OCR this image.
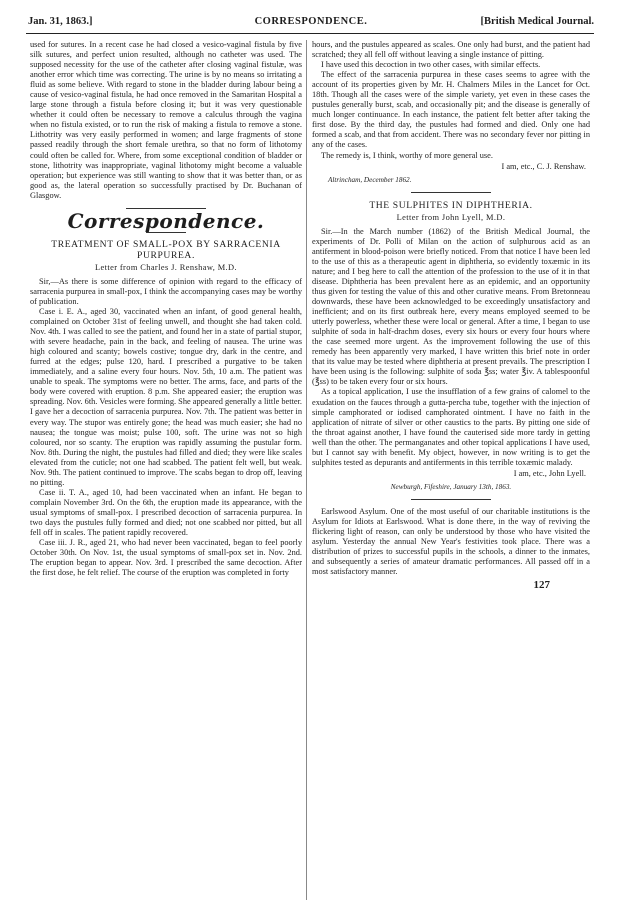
Jan. 31, 1863.]	CORRESPONDENCE.	[British Medical Journal.

used for sutures. In a recent case he had closed a vesico-vaginal fistula by five silk sutures, and perfect union resulted, although no catheter was used. The supposed necessity for the use of the catheter after closing vaginal fistulæ, was another error which time was correcting. The urine is by no means so irritating a fluid as some believe. With regard to stone in the bladder during labour being a cause of vesico-vaginal fistula, he had once removed in the Samaritan Hospital a large stone through a fistula before closing it; but it was very questionable whether it could often be necessary to remove a calculus through the vagina when no fistula existed, or to run the risk of making a fistula to remove a stone. Lithotrity was very easily performed in women; and large fragments of stone passed readily through the short female urethra, so that no form of lithotomy could often be called for. Where, from some exceptional condition of bladder or stone, lithotrity was inappropriate, vaginal lithotomy might become a valuable operation; but experience was still wanting to show that it was better than, or as good as, the lateral operation so successfully practised by Dr. Buchanan of Glasgow.

Correspondence.
TREATMENT OF SMALL-POX BY SARRACENIA PURPUREA.
Letter from Charles J. Renshaw, M.D.

Sir,—As there is some difference of opinion with regard to the efficacy of sarracenia purpurea in small-pox, I think the accompanying cases may be worthy of publication.

Case i. E. A., aged 30, vaccinated when an infant, of good general health, complained on October 31st of feeling unwell, and thought she had taken cold. Nov. 4th. I was called to see the patient, and found her in a state of partial stupor, with severe headache, pain in the back, and feeling of nausea. The urine was high coloured and scanty; bowels costive; tongue dry, dark in the centre, and furred at the edges; pulse 120, hard. I prescribed a purgative to be taken immediately, and a saline every four hours. Nov. 5th, 10 a.m. The patient was unable to speak. The symptoms were no better. The arms, face, and parts of the body were covered with eruption. 8 p.m. She appeared easier; the eruption was spreading. Nov. 6th. Vesicles were forming. She appeared generally a little better. I gave her a decoction of sarracenia purpurea. Nov. 7th. The patient was better in every way. The stupor was entirely gone; the head was much easier; she had no nausea; the tongue was moist; pulse 100, soft. The urine was not so high coloured, nor so scanty. The eruption was rapidly assuming the pustular form. Nov. 8th. During the night, the pustules had filled and died; they were like scales elevated from the cuticle; not one had scabbed. The patient felt well, but weak. Nov. 9th. The patient continued to improve. The scabs began to drop off, leaving no pitting.

Case ii. T. A., aged 10, had been vaccinated when an infant. He began to complain November 3rd. On the 6th, the eruption made its appearance, with the usual symptoms of small-pox. I prescribed decoction of sarracenia purpurea. In two days the pustules fully formed and died; not one scabbed nor pitted, but all fell off in scales. The patient rapidly recovered.

Case iii. J. R., aged 21, who had never been vaccinated, began to feel poorly October 30th. On Nov. 1st, the usual symptoms of small-pox set in. Nov. 2nd. The eruption began to appear. Nov. 3rd. I prescribed the same decoction. After the first dose, he felt relief. The course of the eruption was completed in forty

hours, and the pustules appeared as scales. One only had burst, and the patient had scratched; they all fell off without leaving a single instance of pitting.

I have used this decoction in two other cases, with similar effects.

The effect of the sarracenia purpurea in these cases seems to agree with the account of its properties given by Mr. H. Chalmers Miles in the Lancet for Oct. 18th. Though all the cases were of the simple variety, yet even in these cases the pustules generally burst, scab, and occasionally pit; and the disease is generally of much longer continuance. In each instance, the patient felt better after taking the first dose. By the third day, the pustules had formed and died. Only one had formed a scab, and that from accident. There was no secondary fever nor pitting in any of the cases.

The remedy is, I think, worthy of more general use.

I am, etc., C. J. Renshaw.
Altrincham, December 1862.
THE SULPHITES IN DIPHTHERIA.
Letter from John Lyell, M.D.

Sir.—In the March number (1862) of the British Medical Journal, the experiments of Dr. Polli of Milan on the action of sulphurous acid as an antiferment in blood-poison were briefly noticed. From that notice I have been led to the use of this as a therapeutic agent in diphtheria, so evidently toxæmic in its nature; and I beg here to call the attention of the profession to the use of it in that disease. Diphtheria has been prevalent here as an epidemic, and an opportunity thus given for testing the value of this and other curative means. From Bretonneau downwards, these have been acknowledged to be exceedingly unsatisfactory and inefficient; and on its first outbreak here, every means employed seemed to be utterly powerless, whether these were local or general. After a time, I began to use sulphite of soda in half-drachm doses, every six hours or every four hours where the case seemed more urgent. As the improvement following the use of this remedy has been apparently very marked, I have written this brief note in order that its value may be tested where diphtheria at present prevails. The prescription I have been using is the following: sulphite of soda ℥ss; water ℥iv. A tablespoonful (℥ss) to be taken every four or six hours.

As a topical application, I use the insufflation of a few grains of calomel to the exudation on the fauces through a gutta-percha tube, together with the injection of simple camphorated or iodised camphorated ointment. I have no faith in the application of nitrate of silver or other caustics to the parts. By pitting one side of the throat against another, I have found the cauterised side more tardy in getting well than the other. The permanganates and other topical applications I have used, but I cannot say with benefit. My object, however, in now writing is to get the sulphites tested as depurants and antiferments in this terrible toxæmic malady.

I am, etc., John Lyell.
Newburgh, Fifeshire, January 13th, 1863.

Earlswood Asylum. One of the most useful of our charitable institutions is the Asylum for Idiots at Earlswood. What is done there, in the way of reviving the flickering light of reason, can only be understood by those who have visited the asylum. Yesterday the annual New Year's festivities took place. There was a distribution of prizes to successful pupils in the schools, a dinner to the inmates, and subsequently a series of amateur dramatic performances. All passed off in a most satisfactory manner.

127
